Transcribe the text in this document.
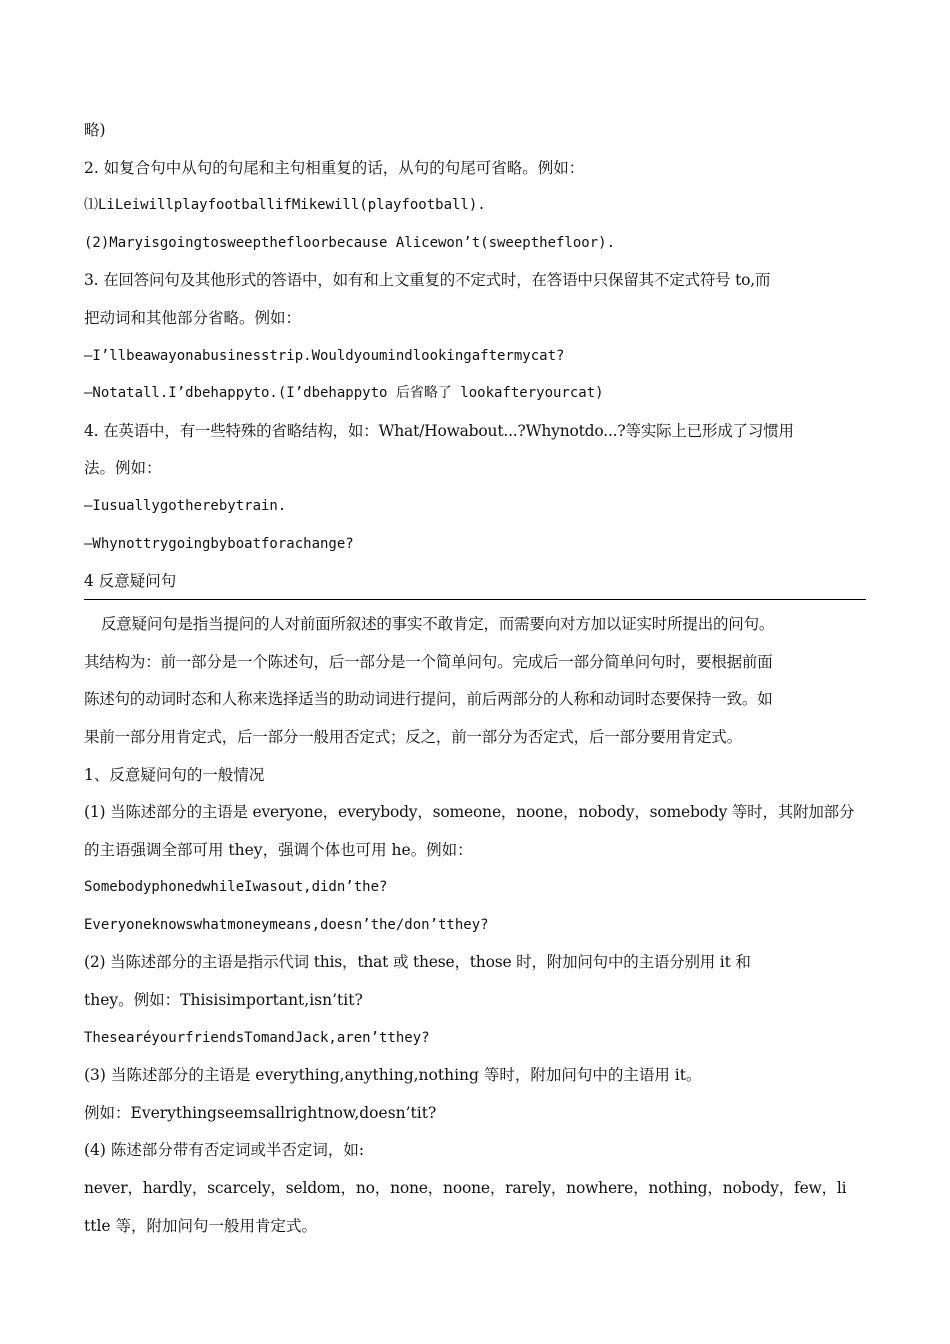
略)
2. 如复合句中从句的句尾和主句相重复的话，从句的句尾可省略。例如：
⑴LiLeiwillplayfootballifMikewill(playfootball).
(2)Maryisgoingtosweepthefloorbecause Alicewon’t(sweepthefloor).
3. 在回答问句及其他形式的答语中，如有和上文重复的不定式时，在答语中只保留其不定式符号 to,而
把动词和其他部分省略。例如：
—I’llbeawayonabusinesstrip.Wouldyoumindlookingaftermycat?
—Notatall.I’dbehappyto.(I’dbehappyto 后省略了 lookafteryourcat)
4. 在英语中，有一些特殊的省略结构，如：What/Howabout...?Whynotdo...?等实际上已形成了习惯用
法。例如：
—Iusuallygotherebytrain.
—Whynottrygoingbyboatforachange?
4 反意疑问句
反意疑问句是指当提问的人对前面所叙述的事实不敢肯定，而需要向对方加以证实时所提出的问句。
其结构为：前一部分是一个陈述句，后一部分是一个简单问句。完成后一部分简单问句时，要根据前面
陈述句的动词时态和人称来选择适当的助动词进行提问，前后两部分的人称和动词时态要保持一致。如
果前一部分用肯定式，后一部分一般用否定式；反之，前一部分为否定式，后一部分要用肯定式。
1、反意疑问句的一般情况
(1) 当陈述部分的主语是 everyone，everybody，someone，noone，nobody，somebody 等时，其附加部分
的主语强调全部可用 they，强调个体也可用 he。例如：
SomebodyphonedwhileIwasout,didn’the?
Everyoneknowswhatmoneymeans,doesn’the/don’tthey?
(2) 当陈述部分的主语是指示代词 this，that 或 these，those 时，附加问句中的主语分别用 it 和
they。例如：Thisisimportant,isn’tit?
ThesearéyourfriendsTomandJack,aren’tthey?
(3) 当陈述部分的主语是 everything,anything,nothing 等时，附加问句中的主语用 it。
例如：Everythingseemsallrightnow,doesn’tit?
(4) 陈述部分带有否定词或半否定词，如:
never，hardly，scarcely，seldom，no，none，noone，rarely，nowhere，nothing，nobody，few，li
ttle 等，附加问句一般用肯定式。
